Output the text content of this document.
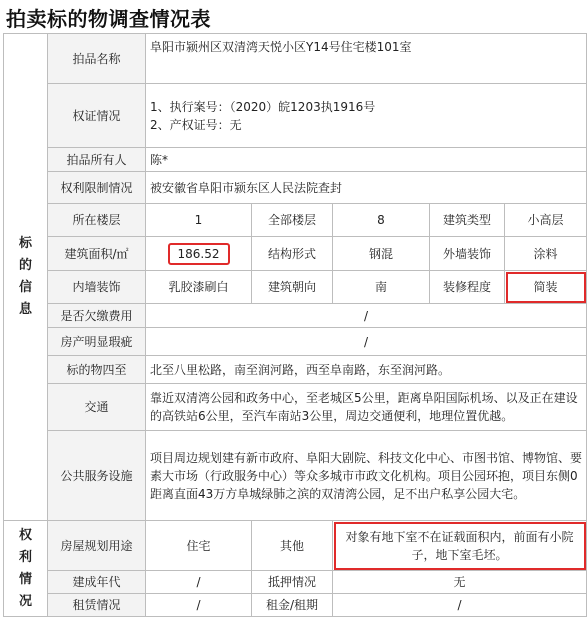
拍卖标的物调查情况表
标的信息	拍品名称	阜阳市颍州区双清湾天悦小区Y14号住宅楼101室				
	权证情况	1、执行案号：（2020）皖1203执1916号
2、产权证号：无				

	拍品所有人	陈*				
	权利限制情况	被安徽省阜阳市颍东区人民法院查封				
	所在楼层	1	全部楼层	8	建筑类型	小高层
	建筑面积/㎡	186.52	结构形式	钢混	外墙装饰	涂料
	内墙装饰	乳胶漆刷白	建筑朝向	南	装修程度	简装
	是否欠缴费用	/				
	房产明显瑕疵	/				
	标的物四至	北至八里松路，南至润河路，西至阜南路，东至润河路。				
	交通	靠近双清湾公园和政务中心，至老城区5公里，距离阜阳国际机场、以及正在建设的高铁站6公里，至汽车南站3公里，周边交通便利，地理位置优越。				
	公共服务设施	项目周边规划建有新市政府、阜阳大剧院、科技文化中心、市图书馆、博物馆、要素大市场（行政服务中心）等众多城市市政文化机构。项目公园环抱，项目东侧0距离直面43万方阜城绿肺之滨的双清湾公园，足不出户私享公园大宅。				
权利情况	房屋规划用途	住宅	其他	对象有地下室不在证载面积内，前面有小院子，地下室毛坯。		
	建成年代	/	抵押情况	无		
	租赁情况	/	租金/租期	/		
